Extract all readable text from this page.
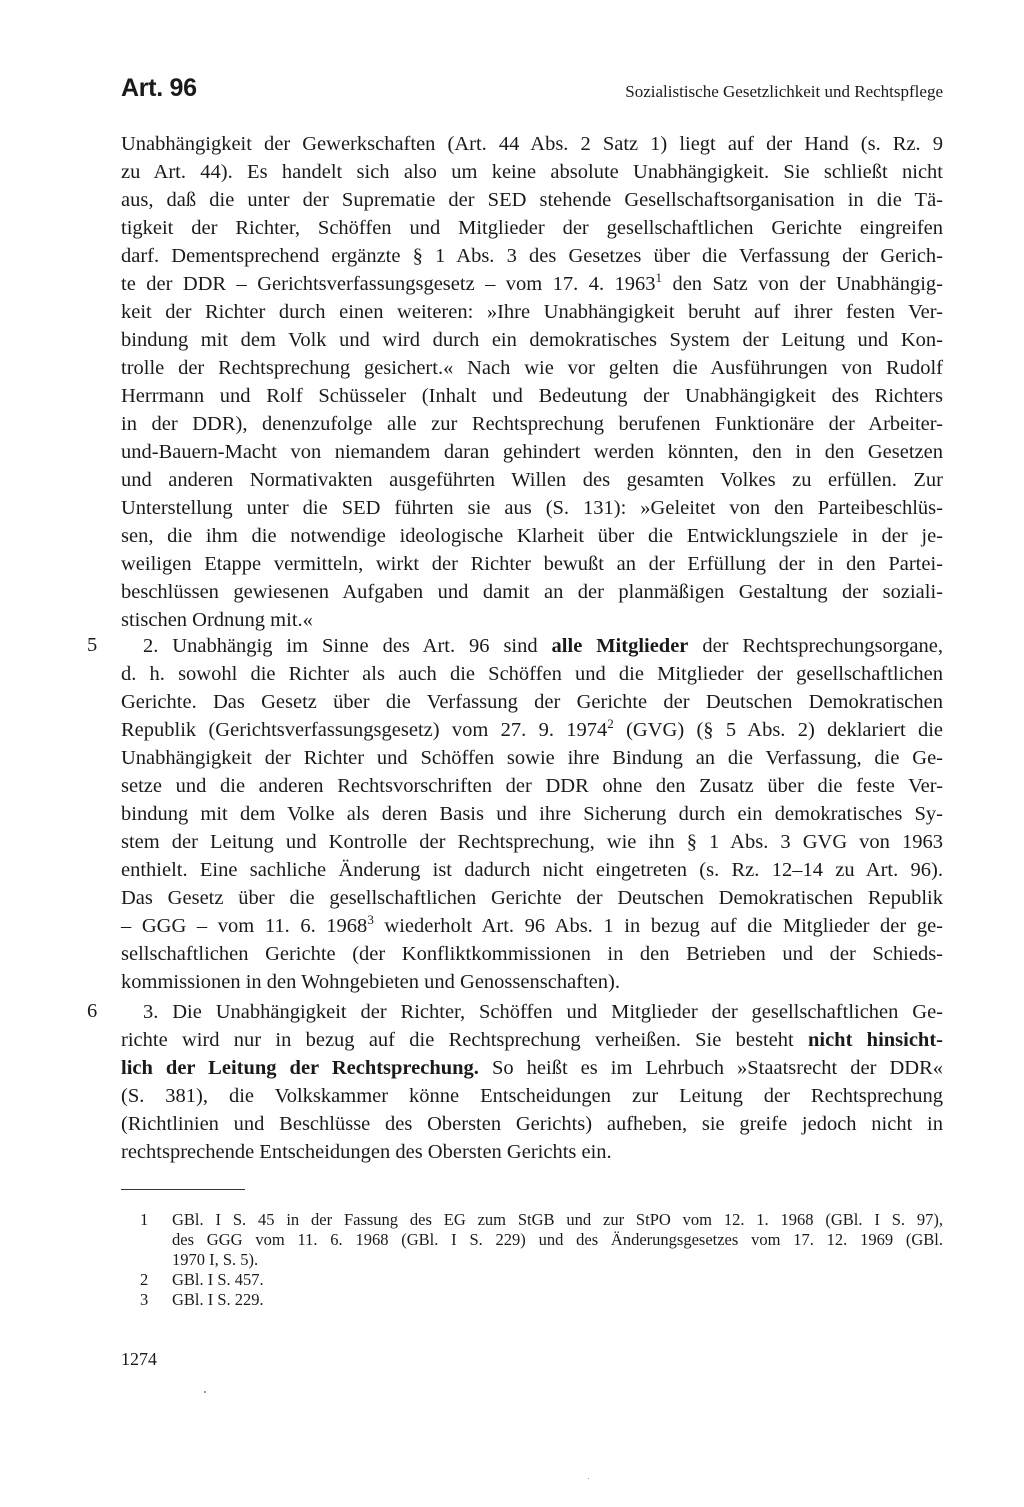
Art. 96	Sozialistische Gesetzlichkeit und Rechtspflege
Unabhängigkeit der Gewerkschaften (Art. 44 Abs. 2 Satz 1) liegt auf der Hand (s. Rz. 9
zu Art. 44). Es handelt sich also um keine absolute Unabhängigkeit. Sie schließt nicht
aus, daß die unter der Suprematie der SED stehende Gesellschaftsorganisation in die Tä-
tigkeit der Richter, Schöffen und Mitglieder der gesellschaftlichen Gerichte eingreifen
darf. Dementsprechend ergänzte § 1 Abs. 3 des Gesetzes über die Verfassung der Gerich-
te der DDR – Gerichtsverfassungsgesetz – vom 17. 4. 1963$^1$ den Satz von der Unabhängig-
keit der Richter durch einen weiteren: »Ihre Unabhängigkeit beruht auf ihrer festen Ver-
bindung mit dem Volk und wird durch ein demokratisches System der Leitung und Kon-
trolle der Rechtsprechung gesichert.« Nach wie vor gelten die Ausführungen von Rudolf
Herrmann und Rolf Schüsseler (Inhalt und Bedeutung der Unabhängigkeit des Richters
in der DDR), denenzufolge alle zur Rechtsprechung berufenen Funktionäre der Arbeiter-
und-Bauern-Macht von niemandem daran gehindert werden könnten, den in den Gesetzen
und anderen Normativakten ausgeführten Willen des gesamten Volkes zu erfüllen. Zur
Unterstellung unter die SED führten sie aus (S. 131): »Geleitet von den Parteibeschlüs-
sen, die ihm die notwendige ideologische Klarheit über die Entwicklungsziele in der je-
weiligen Etappe vermitteln, wirkt der Richter bewußt an der Erfüllung der in den Partei-
beschlüssen gewiesenen Aufgaben und damit an der planmäßigen Gestaltung der soziali-
stischen Ordnung mit.«
5	2. Unabhängig im Sinne des Art. 96 sind alle Mitglieder der Rechtsprechungsorgane,
d. h. sowohl die Richter als auch die Schöffen und die Mitglieder der gesellschaftlichen
Gerichte. Das Gesetz über die Verfassung der Gerichte der Deutschen Demokratischen
Republik (Gerichtsverfassungsgesetz) vom 27. 9. 1974$^2$ (GVG) (§ 5 Abs. 2) deklariert die
Unabhängigkeit der Richter und Schöffen sowie ihre Bindung an die Verfassung, die Ge-
setze und die anderen Rechtsvorschriften der DDR ohne den Zusatz über die feste Ver-
bindung mit dem Volke als deren Basis und ihre Sicherung durch ein demokratisches Sy-
stem der Leitung und Kontrolle der Rechtsprechung, wie ihn § 1 Abs. 3 GVG von 1963
enthielt. Eine sachliche Änderung ist dadurch nicht eingetreten (s. Rz. 12–14 zu Art. 96).
Das Gesetz über die gesellschaftlichen Gerichte der Deutschen Demokratischen Republik
– GGG – vom 11. 6. 1968$^3$ wiederholt Art. 96 Abs. 1 in bezug auf die Mitglieder der ge-
sellschaftlichen Gerichte (der Konfliktkommissionen in den Betrieben und der Schieds-
kommissionen in den Wohngebieten und Genossenschaften).
6	3. Die Unabhängigkeit der Richter, Schöffen und Mitglieder der gesellschaftlichen Ge-
richte wird nur in bezug auf die Rechtsprechung verheißen. Sie besteht nicht hinsicht-
lich der Leitung der Rechtsprechung. So heißt es im Lehrbuch »Staatsrecht der DDR«
(S. 381), die Volkskammer könne Entscheidungen zur Leitung der Rechtsprechung
(Richtlinien und Beschlüsse des Obersten Gerichts) aufheben, sie greife jedoch nicht in
rechtsprechende Entscheidungen des Obersten Gerichts ein.
1	GBl. I S. 45 in der Fassung des EG zum StGB und zur StPO vom 12. 1. 1968 (GBl. I S. 97),
des GGG vom 11. 6. 1968 (GBl. I S. 229) und des Änderungsgesetzes vom 17. 12. 1969 (GBl.
1970 I, S. 5).
2	GBl. I S. 457.
3	GBl. I S. 229.
1274
